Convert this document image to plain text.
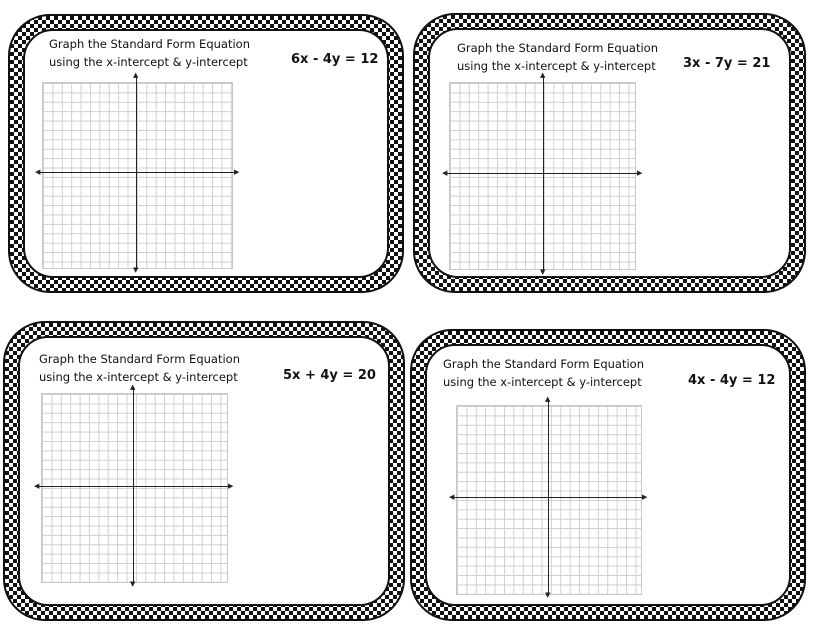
Graph the Standard Form Equation
using the x-intercept & y-intercept	6x - 4y = 12
◀	▶
▲
▼
Graph the Standard Form Equation
using the x-intercept & y-intercept 3x - 7y = 21
◀	▶
▲
▼
Graph the Standard Form Equation
using the x-intercept & y-intercept	5x + 4y = 20
◀	▶
▲
▼
Graph the Standard Form Equation
using the x-intercept & y-intercept	4x - 4y = 12
◀	▶
▲
▼
